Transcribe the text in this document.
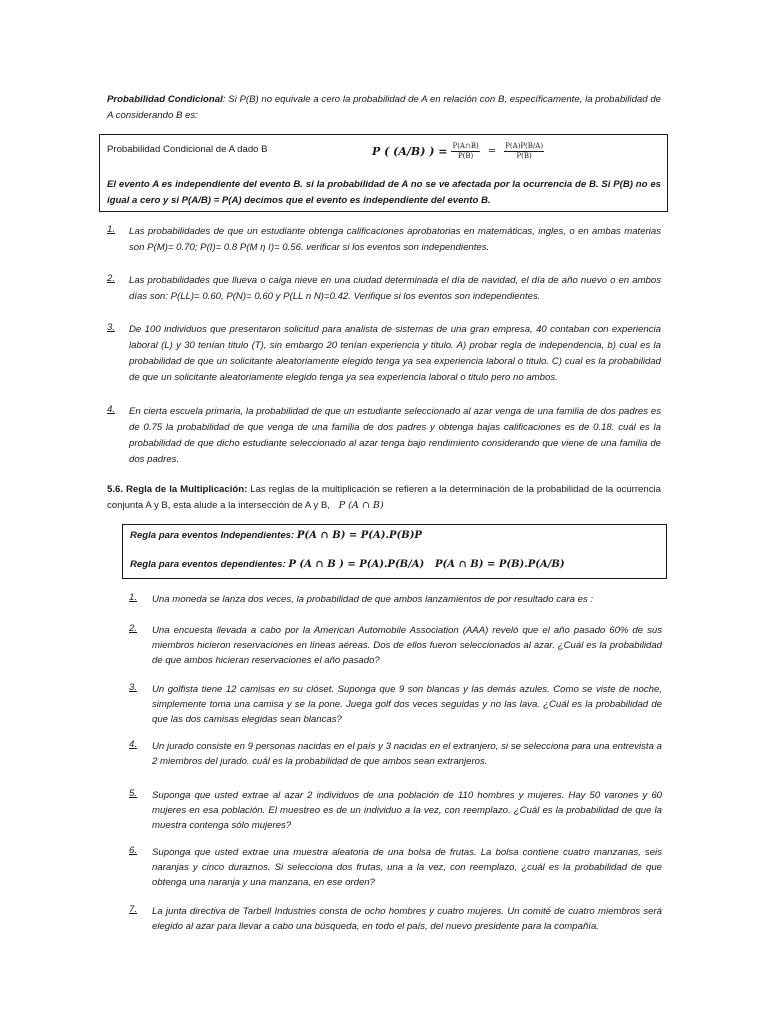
Probabilidad Condicional: Si P(B) no equivale a cero la probabilidad de A en relación con B, específicamente, la probabilidad de A considerando B es:
Probabilidad Condicional de A dado B	P ( (A/B) ) = $\frac{P(A\cap B)}{P(B)} = \frac{P(A)P(B/A)}{P(B)}$
El evento A es independiente del evento B. si la probabilidad de A no se ve afectada por la ocurrencia de B. Si P(B) no es igual a cero y si P(A/B) = P(A) decimos que el evento es independiente del evento B.
1. Las probabilidades de que un estudiante obtenga calificaciones aprobatorias en matemáticas, ingles, o en ambas materias son P(M)= 0.70; P(I)= 0.8 P(M η I)= 0.56. verificar si los eventos son independientes.
2. Las probabilidades que llueva o caiga nieve en una ciudad determinada el día de navidad, el día de año nuevo o en ambos días son: P(LL)= 0.60, P(N)= 0.60 y P(LL n N)=0.42. Verifique si los eventos son independientes.
3. De 100 individuos que presentaron solicitud para analista de sistemas de una gran empresa, 40 contaban con experiencia laboral (L) y 30 tenían titulo (T), sin embargo 20 tenían experiencia y titulo. A) probar regla de independencia, b) cual es la probabilidad de que un solicitante aleatoriamente elegido tenga ya sea experiencia laboral o titulo. C) cual es la probabilidad de que un solicitante aleatoriamente elegido tenga ya sea experiencia laboral o titulo pero no ambos.
4. En cierta escuela primaria, la probabilidad de que un estudiante seleccionado al azar venga de una familia de dos padres es de 0.75 la probabilidad de que venga de una familia de dos padres y obtenga bajas calificaciones es de 0.18. cuál es la probabilidad de que dicho estudiante seleccionado al azar tenga bajo rendimiento considerando que viene de una familia de dos padres.
5.6. Regla de la Multiplicación: Las reglas de la multiplicación se refieren a la determinación de la probabilidad de la ocurrencia conjunta A y B, esta alude a la intersección de A y B, P (A ∩ B)
Regla para eventos Independientes: P(A ∩ B) = P(A).P(B)P
Regla para eventos dependientes: P (A ∩ B ) = P(A).P(B/A) P(A ∩ B) = P(B).P(A/B)
1. Una moneda se lanza dos veces, la probabilidad de que ambos lanzamientos de por resultado cara es :
2. Una encuesta llevada a cabo por la American Automobile Association (AAA) reveló que el año pasado 60% de sus miembros hicieron reservaciones en líneas aéreas. Dos de ellos fueron seleccionados al azar. ¿Cuál es la probabilidad de que ambos hicieran reservaciones el año pasado?
3. Un golfista tiene 12 camisas en su clóset. Suponga que 9 son blancas y las demás azules. Como se viste de noche, simplemente toma una camisa y se la pone. Juega golf dos veces seguidas y no las lava. ¿Cuál es la probabilidad de que las dos camisas elegidas sean blancas?
4. Un jurado consiste en 9 personas nacidas en el país y 3 nacidas en el extranjero, si se selecciona para una entrevista a 2 miembros del jurado. cuál es la probabilidad de que ambos sean extranjeros.
5. Suponga que usted extrae al azar 2 individuos de una población de 110 hombres y mujeres. Hay 50 varones y 60 mujeres en esa población. El muestreo es de un individuo a la vez, con reemplazo. ¿Cuál es la probabilidad de que la muestra contenga sólo mujeres?
6. Suponga que usted extrae una muestra aleatoria de una bolsa de frutas. La bolsa contiene cuatro manzanas, seis naranjas y cinco duraznos. Si selecciona dos frutas, una a la vez, con reemplazo, ¿cuál es la probabilidad de que obtenga una naranja y una manzana, en ese orden?
7. La junta directiva de Tarbell Industries consta de ocho hombres y cuatro mujeres. Un comité de cuatro miembros será elegido al azar para llevar a cabo una búsqueda, en todo el país, del nuevo presidente para la compañía.
